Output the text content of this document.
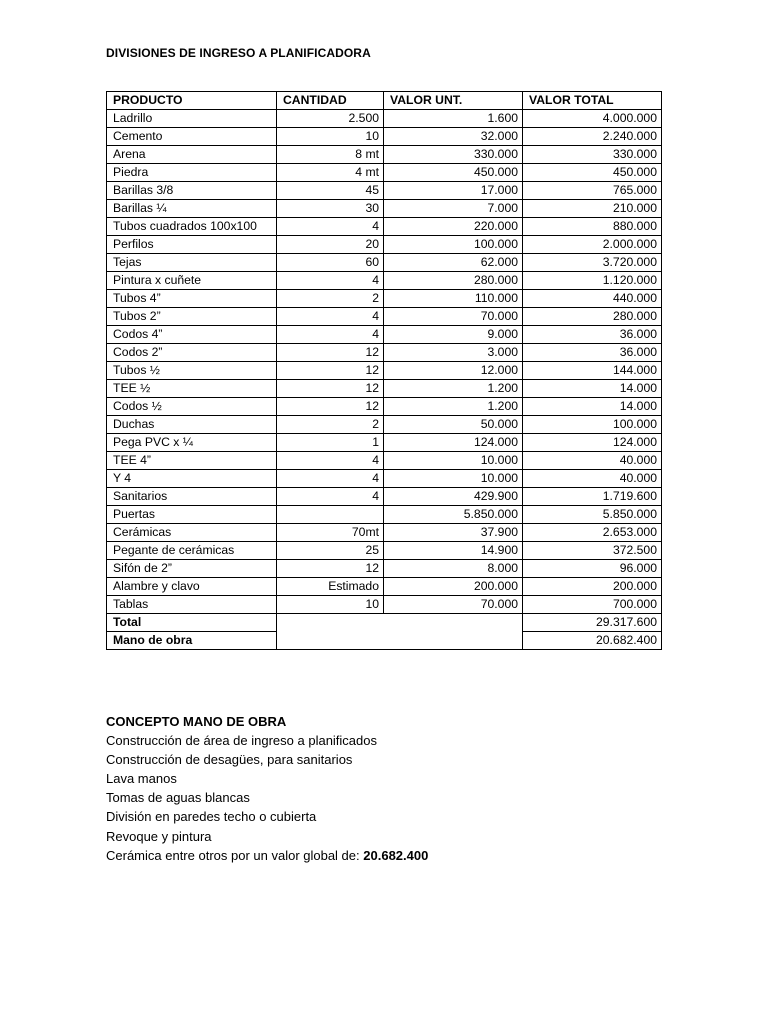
DIVISIONES DE INGRESO A PLANIFICADORA
PRODUCTO	CANTIDAD	VALOR UNT.	VALOR TOTAL
Ladrillo	2.500	1.600	4.000.000
Cemento	10	32.000	2.240.000
Arena	8 mt	330.000	330.000
Piedra	4 mt	450.000	450.000
Barillas 3/8	45	17.000	765.000
Barillas ¼	30	7.000	210.000
Tubos cuadrados 100x100	4	220.000	880.000
Perfilos	20	100.000	2.000.000
Tejas	60	62.000	3.720.000
Pintura x cuñete	4	280.000	1.120.000
Tubos 4”	2	110.000	440.000
Tubos 2”	4	70.000	280.000
Codos 4”	4	9.000	36.000
Codos 2”	12	3.000	36.000
Tubos ½	12	12.000	144.000
TEE ½	12	1.200	14.000
Codos ½	12	1.200	14.000
Duchas	2	50.000	100.000
Pega PVC x ¼	1	124.000	124.000
TEE 4”	4	10.000	40.000
Y 4	4	10.000	40.000
Sanitarios	4	429.900	1.719.600
Puertas		5.850.000	5.850.000
Cerámicas	70mt	37.900	2.653.000
Pegante de cerámicas	25	14.900	372.500
Sifón de 2”	12	8.000	96.000
Alambre y clavo	Estimado	200.000	200.000
Tablas	10	70.000	700.000
Total			29.317.600
Mano de obra			20.682.400
CONCEPTO MANO DE OBRA
Construcción de área de ingreso a planificados
Construcción de desagües, para sanitarios
Lava manos
Tomas de aguas blancas
División en paredes techo o cubierta
Revoque y pintura
Cerámica entre otros por un valor global de: 20.682.400
